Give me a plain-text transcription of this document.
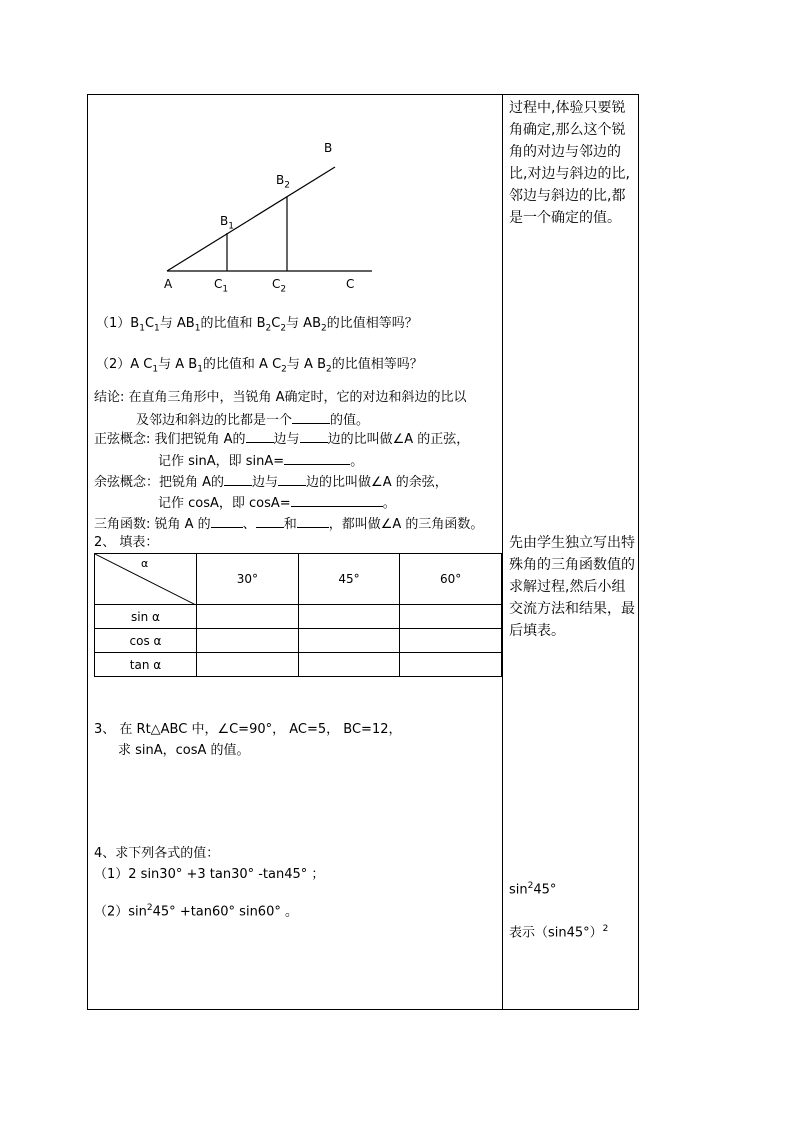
B
$B_2$
$B_1$
A	$C_1$	$C_2$	C
$(1)B_1C_1$与 $AB_1$的比值和 $B_2C_2$与 $AB_2$的比值相等吗？
（2）A $C_1$与 A $B_1$的比值和 A $C_2$与 A $B_2$的比值相等吗？
结论: 在直角三角形中，当锐角 A确定时，它的对边和斜边的比以
及邻边和斜边的比都是一个	的值。
正弦概念: 我们把锐角 A的 边与 边的比叫做∠A 的正弦，
记作 sinA，即 sinA=	。
余弦概念：把锐角 A的 边与 边的比叫做∠A 的余弦，
记作 cosA，即 cosA=	。
三角函数: 锐角 A 的 、 和 ，都叫做∠A 的三角函数。
2、 填表：
α	30°	45°	60°
sin α			
cos α			
tan α			
3、 在 Rt△ABC 中，∠C=90°， AC=5， BC=12，
求 sinA，cosA 的值。
4、求下列各式的值：
（1）2 sin30° +3 tan30° -tan45° ；
$(2)\sin^245^\circ +\tan 60^\circ$ sin60° 。
过程中,体验只要锐角确定,那么这个锐角的对边与邻边的比,对边与斜边的比,邻边与斜边的比,都是一个确定的值。
先由学生独立写出特殊角的三角函数值的求解过程,然后小组交流方法和结果，最后填表。
$\sin^245^\circ$
表示$(\sin 45^\circ)^2$
